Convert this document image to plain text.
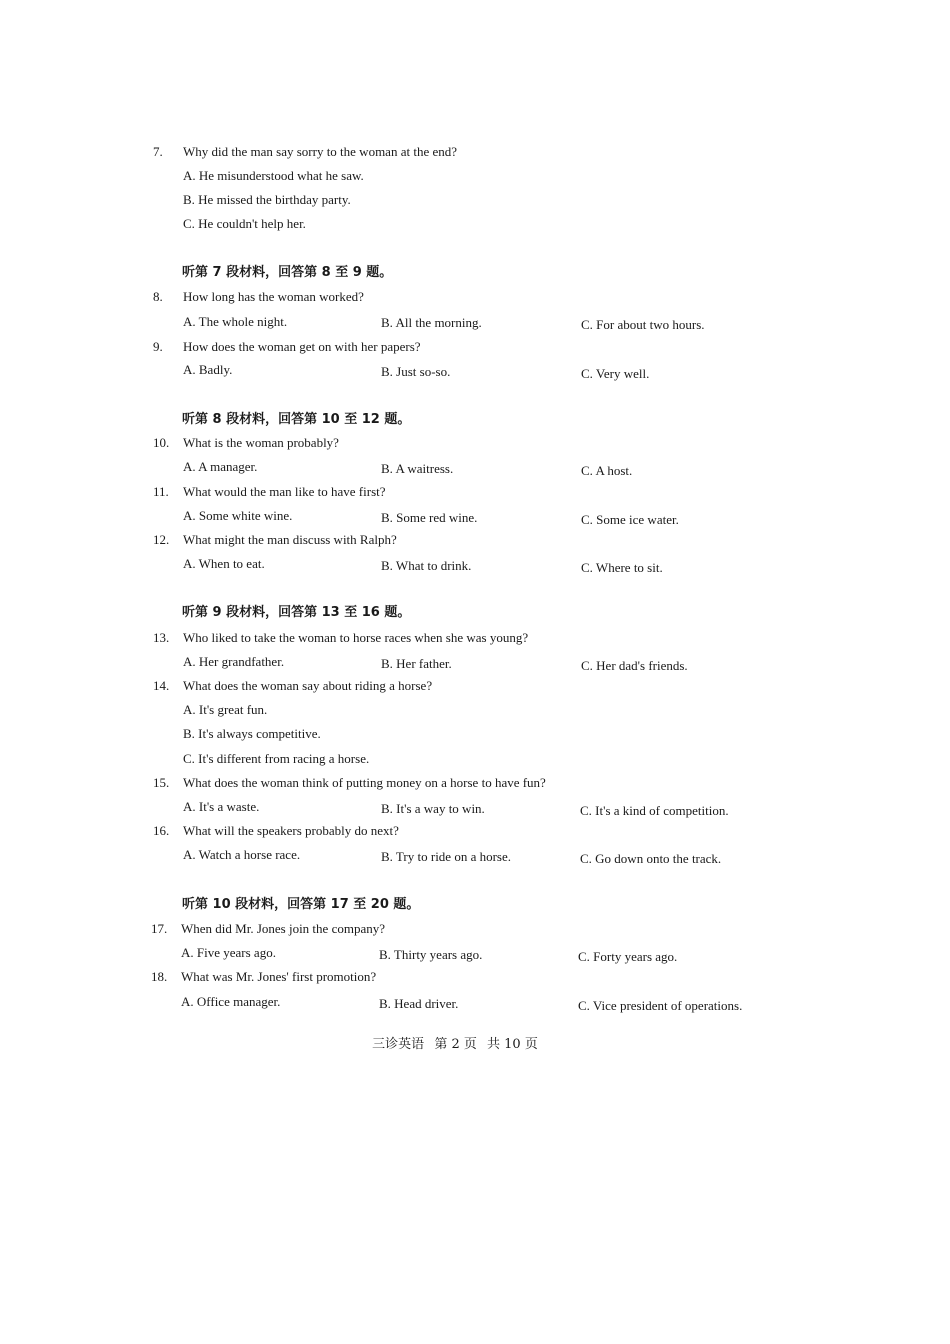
7. Why did the man say sorry to the woman at the end?
A. He misunderstood what he saw.
B. He missed the birthday party.
C. He couldn't help her.
听第 7 段材料，回答第 8 至 9 题。
8. How long has the woman worked?
A. The whole night.	B. All the morning.	C. For about two hours.
9. How does the woman get on with her papers?
A. Badly.	B. Just so-so.	C. Very well.
听第 8 段材料，回答第 10 至 12 题。
10. What is the woman probably?
A. A manager.	B. A waitress.	C. A host.
11. What would the man like to have first?
A. Some white wine.	B. Some red wine.	C. Some ice water.
12. What might the man discuss with Ralph?
A. When to eat.	B. What to drink.	C. Where to sit.
听第 9 段材料，回答第 13 至 16 题。
13. Who liked to take the woman to horse races when she was young?
A. Her grandfather.	B. Her father.	C. Her dad's friends.
14. What does the woman say about riding a horse?
A. It's great fun.
B. It's always competitive.
C. It's different from racing a horse.
15. What does the woman think of putting money on a horse to have fun?
A. It's a waste.	B. It's a way to win.	C. It's a kind of competition.
16. What will the speakers probably do next?
A. Watch a horse race.	B. Try to ride on a horse.	C. Go down onto the track.
听第 10 段材料，回答第 17 至 20 题。
17. When did Mr. Jones join the company?
A. Five years ago.	B. Thirty years ago.	C. Forty years ago.
18. What was Mr. Jones' first promotion?
A. Office manager.	B. Head driver.	C. Vice president of operations.
三诊英语 第 2 页 共 10 页
